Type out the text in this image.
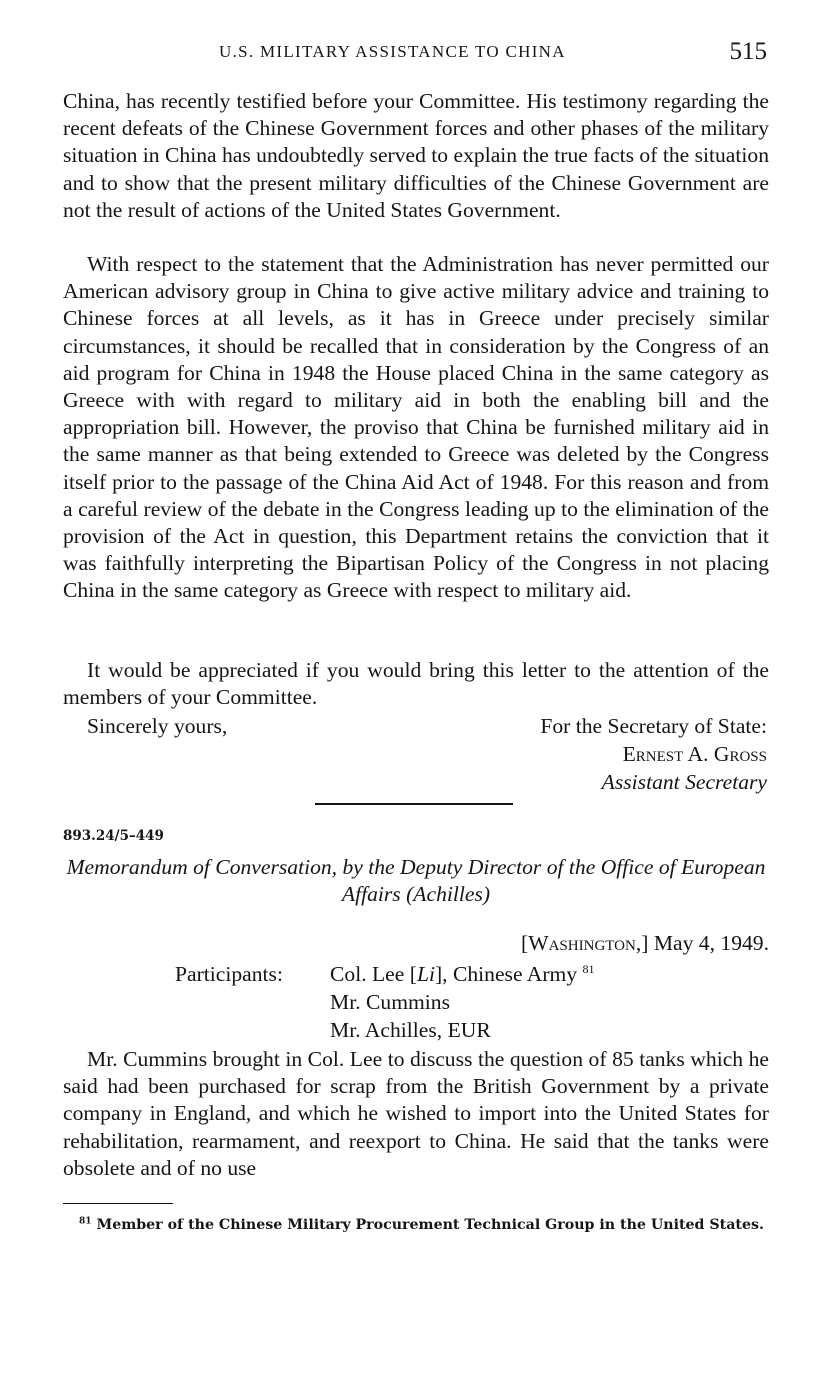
U.S. MILITARY ASSISTANCE TO CHINA	515

China, has recently testified before your Committee. His testimony regarding the recent defeats of the Chinese Government forces and other phases of the military situation in China has undoubtedly served to explain the true facts of the situation and to show that the present military difficulties of the Chinese Government are not the result of actions of the United States Government.

With respect to the statement that the Administration has never permitted our American advisory group in China to give active military advice and training to Chinese forces at all levels, as it has in Greece under precisely similar circumstances, it should be recalled that in consideration by the Congress of an aid program for China in 1948 the House placed China in the same category as Greece with with regard to military aid in both the enabling bill and the appropriation bill. However, the proviso that China be furnished military aid in the same manner as that being extended to Greece was deleted by the Congress itself prior to the passage of the China Aid Act of 1948. For this reason and from a careful review of the debate in the Congress leading up to the elimination of the provision of the Act in question, this Department retains the conviction that it was faithfully interpreting the Bipartisan Policy of the Congress in not placing China in the same category as Greece with respect to military aid.

It would be appreciated if you would bring this letter to the attention of the members of your Committee.

Sincerely yours,	For the Secretary of State:
Ernest A. Gross
Assistant Secretary
893.24/5–449

Memorandum of Conversation, by the Deputy Director of the Office of European Affairs (Achilles)

[Washington,] May 4, 1949.
Participants: Col. Lee [Li], Chinese Army $^{81}$
Mr. Cummins
Mr. Achilles, EUR

Mr. Cummins brought in Col. Lee to discuss the question of 85 tanks which he said had been purchased for scrap from the British Government by a private company in England, and which he wished to import into the United States for rehabilitation, rearmament, and reexport to China. He said that the tanks were obsolete and of no use

$^{81}$ Member of the Chinese Military Procurement Technical Group in the United States.
